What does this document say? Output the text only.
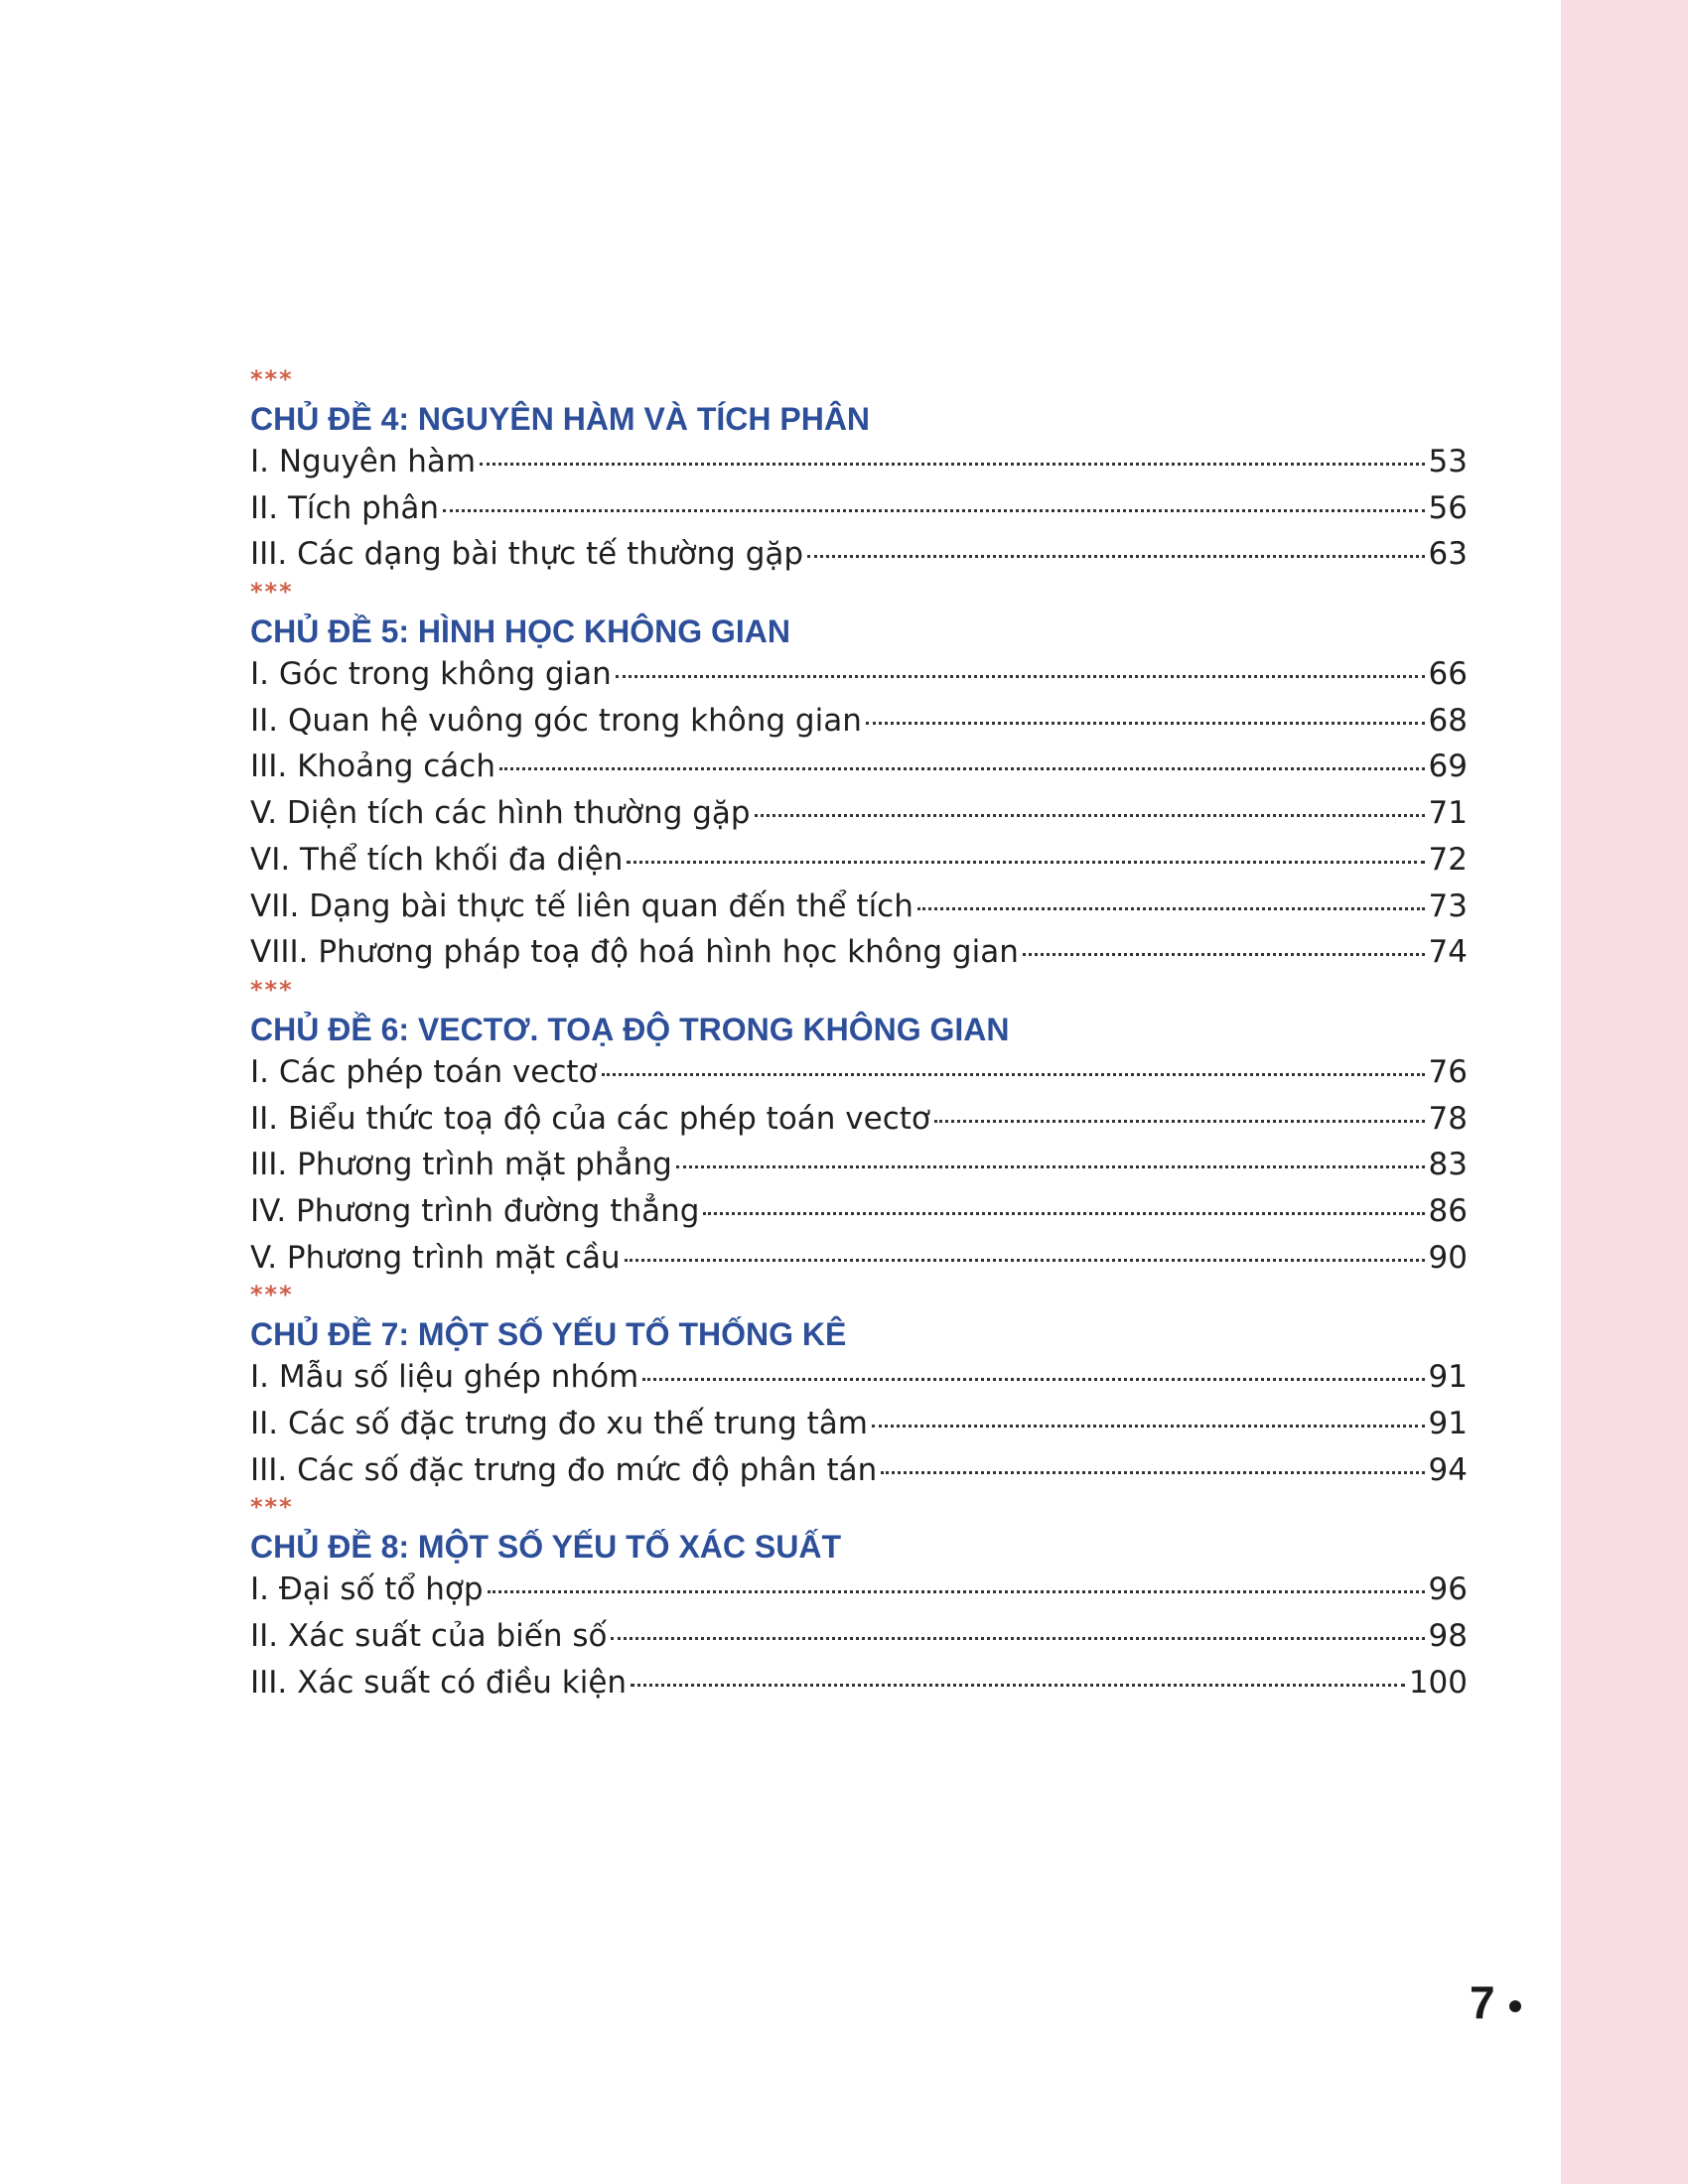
***
CHỦ ĐỀ 4: NGUYÊN HÀM VÀ TÍCH PHÂN
I. Nguyên hàm	53
II. Tích phân	56
III. Các dạng bài thực tế thường gặp	63
***
CHỦ ĐỀ 5: HÌNH HỌC KHÔNG GIAN
I. Góc trong không gian	66
II. Quan hệ vuông góc trong không gian	68
III. Khoảng cách	69
V. Diện tích các hình thường gặp	71
VI. Thể tích khối đa diện	72
VII. Dạng bài thực tế liên quan đến thể tích	73
VIII. Phương pháp toạ độ hoá hình học không gian	74
***
CHỦ ĐỀ 6: VECTƠ. TOẠ ĐỘ TRONG KHÔNG GIAN
I. Các phép toán vectơ	76
II. Biểu thức toạ độ của các phép toán vectơ	78
III. Phương trình mặt phẳng	83
IV. Phương trình đường thẳng	86
V. Phương trình mặt cầu	90
***
CHỦ ĐỀ 7: MỘT SỐ YẾU TỐ THỐNG KÊ
I. Mẫu số liệu ghép nhóm	91
II. Các số đặc trưng đo xu thế trung tâm	91
III. Các số đặc trưng đo mức độ phân tán	94
***
CHỦ ĐỀ 8: MỘT SỐ YẾU TỐ XÁC SUẤT
I. Đại số tổ hợp	96
II. Xác suất của biến số	98
III. Xác suất có điều kiện	100
7
